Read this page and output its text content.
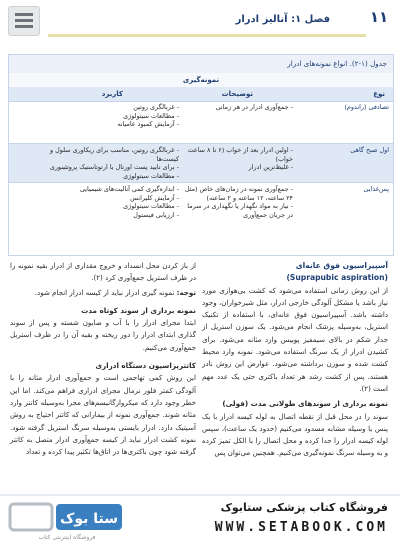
۱۱
فصل ۱: آنالیز ادرار
جدول (۱-۲). انواع نمونه‌های ادرار
نمونه‌گیری
نوع
توضیحات
کاربرد
تصادفی (راندوم)
- جمع‌آوری ادرار در هر زمانی
- غربالگری روتین
- مطالعات سیتولوژی
- آزمایش کمبود عامیانه
اول صبح گاهی
- اولین ادرار بعد از خواب (۶ تا ۸ ساعت خواب)
- غلیظ‌ترین ادرار
- غربالگری روتین، مناسب برای ریکاوری سلول و کیست‌ها
- برای تایید پست اورتال یا ارتوتاستیک پروتئینوری
- مطالعات سیتولوژی
پس‌غذایی
- جمع‌آوری نمونه در زمان‌های خاص (مثل ۲۴ ساعته، ۱۲ ساعته و ۲ ساعته)
- نیاز به مواد نگهدار یا نگهداری در سرما در جریان جمع‌آوری
- اندازه‌گیری کمی آنالیت‌های شیمیایی
- آزمایش کلیرانس
- مطالعات سیتولوژی
- ارزیابی فیستول
آسپیراسیون فوق عانه‌ای
(Suprapubic aspiration)
از این روش زمانی استفاده می‌شود که کشت بی‌هوازی مورد نیاز باشد یا مشکل آلودگی خارجی ادرار، مثل شیرخواران، وجود داشته باشد. آسپیراسیون فوق عانه‌ای، با استفاده از تکنیک استریل، به‌وسیله پزشک انجام می‌شود. یک سوزن استریل از جدار شکم در بالای سیمفیز پوبیس وارد مثانه می‌شود. برای کشیدن ادرار از یک سرنگ استفاده می‌شود. نمونه وارد محیط کشت شده و سوزن برداشته می‌شود. عوارض این روش نادر هستند. پس از کشت رشد هر تعداد باکتری حتی یک عدد مهم است (۲).
نمونه برداری از سوندهای طولانی مدت (فولی)
سوند را در محل قبل از نقطه اتصال به لوله کیسه ادرار با یک پنس یا وسیله مشابه مسدود می‌کنیم (حدود یک ساعت)، سپس لوله کیسه ادرار را جدا کرده و محل اتصال را با الکل تمیز کرده و به وسیله سرنگ نمونه‌گیری می‌کنیم. همچنین می‌توان پس
از باز کردن محل انسداد و خروج مقداری از ادرار بقیه نمونه را در ظرف استریل جمع‌آوری کرد (۲).
توجه: نمونه گیری ادرار نباید از کیسه ادرار انجام شود.
نمونه برداری از سوند کوتاه مدت
ابتدا مجرای ادرار را با آب و صابون شسته و پس از سوند گذاری ابتدای ادرار را دور ریخته و بقیه آن را در ظرف استریل جمع‌آوری می‌کنیم.
کاتتریزاسیون دستگاه ادراری
این روش کمی تهاجمی است و جمع‌آوری ادرار مثانه را با آلودگی کمتر فلور نرمال مجرای ادراری فراهم می‌کند. اما این خطر وجود دارد که میکروارگانیسم‌های مجرا به‌وسیله کاتتر وارد مثانه شوند. جمع‌آوری نمونه از بیمارانی که کاتتر احتیاج به روش آسپتیک دارد. ادرار بایستی به‌وسیله سرنگ استریل گرفته شود. نمونه کشت ادرار نباید از کیسه جمع‌آوری ادرار متصل به کاتتر گرفته شود چون باکتری‌ها در اتاق‌ها تکثیر پیدا کرده و تعداد
ستا بوک
فروشگاه اینترنتی کتاب
فروشگاه کتاب پزشکی ستابوک
WWW.SETABOOK.COM
